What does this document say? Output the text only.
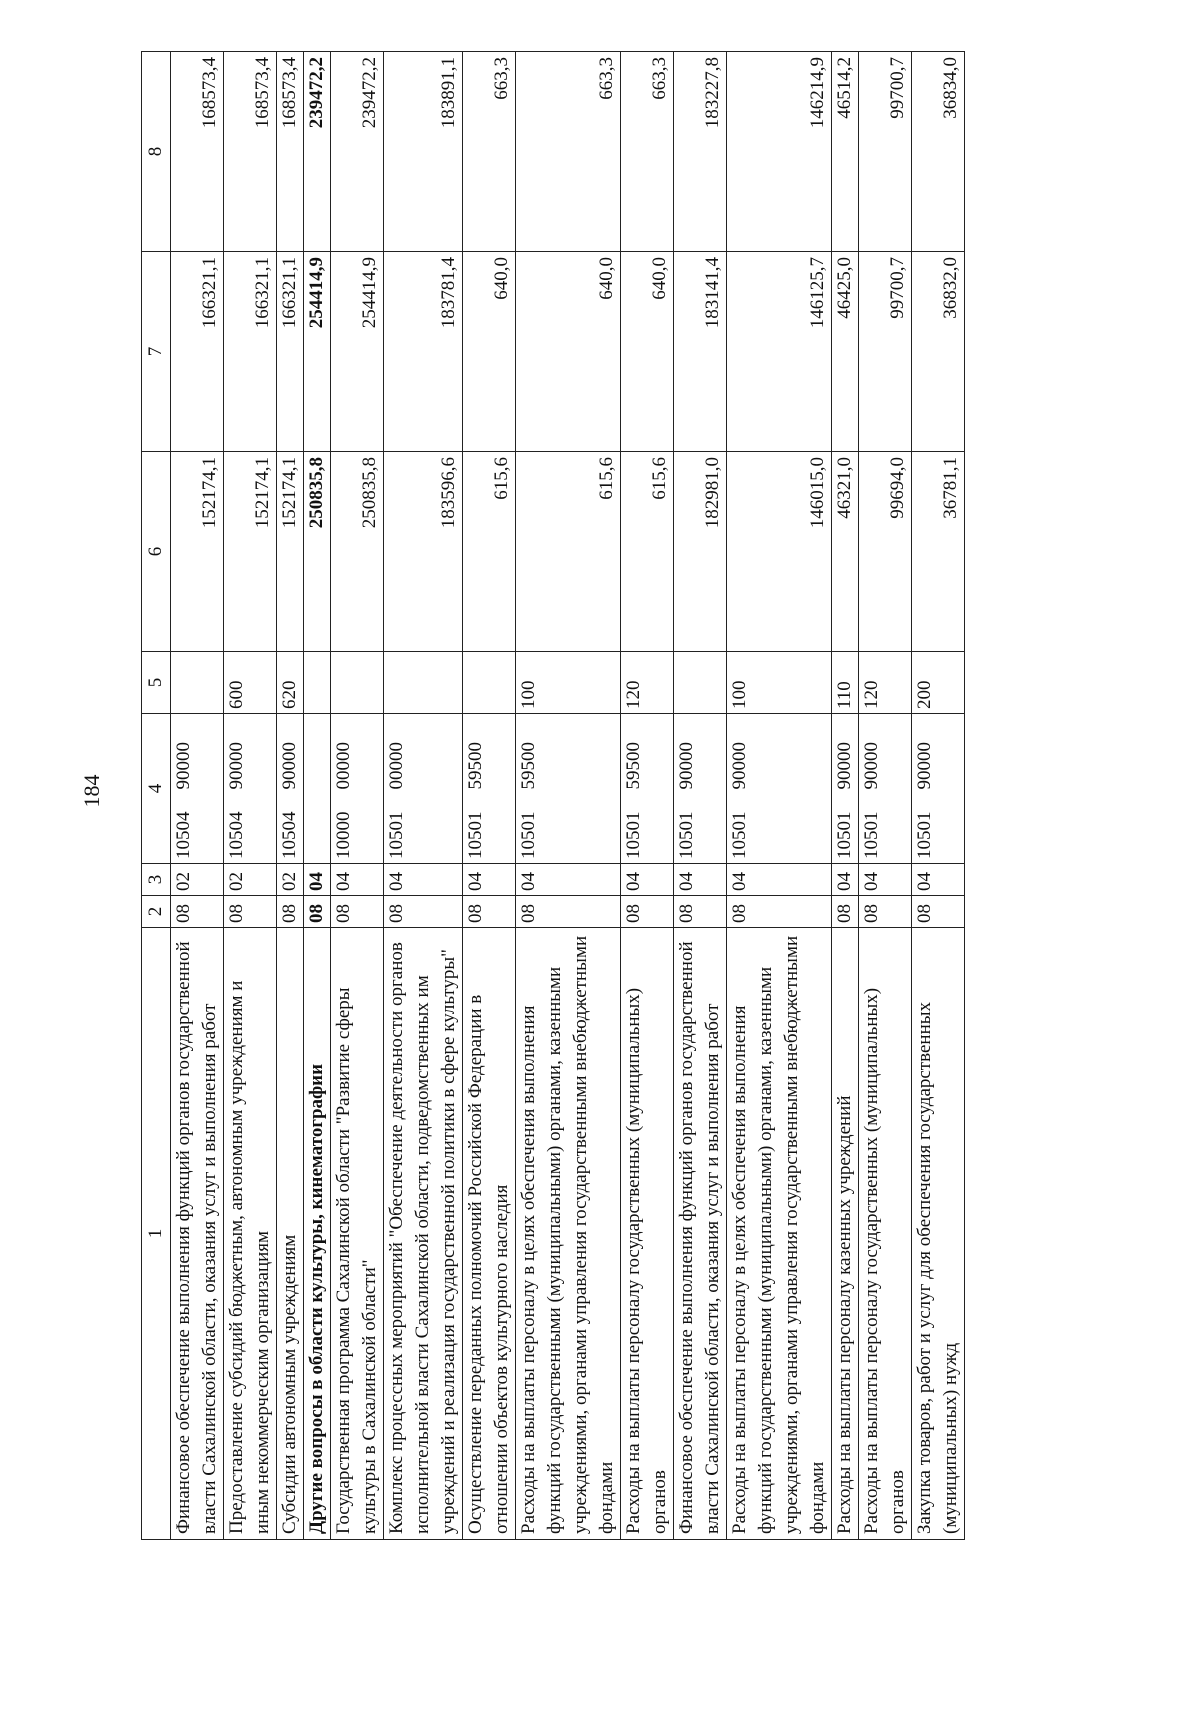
184
1	2	3	4	5	6	7	8
Финансовое обеспечение выполнения функций органов государственной власти Сахалинской области, оказания услуг и выполнения работ	08	02	1050490000		152174,1	166321,1	168573,4
Предоставление субсидий бюджетным, автономным учреждениям и иным некоммерческим организациям	08	02	1050490000	600	152174,1	166321,1	168573,4
Субсидии автономным учреждениям	08	02	1050490000	620	152174,1	166321,1	168573,4
Другие вопросы в области культуры, кинематографии	08	04			250835,8	254414,9	239472,2
Государственная программа Сахалинской области "Развитие сферы культуры в Сахалинской области"	08	04	1000000000		250835,8	254414,9	239472,2
Комплекс процессных мероприятий "Обеспечение деятельности органов исполнительной власти Сахалинской области, подведомственных им учреждений и реализация государственной политики в сфере культуры"	08	04	1050100000		183596,6	183781,4	183891,1
Осуществление переданных полномочий Российской Федерации в отношении объектов культурного наследия	08	04	1050159500		615,6	640,0	663,3
Расходы на выплаты персоналу в целях обеспечения выполнения функций государственными (муниципальными) органами, казенными учреждениями, органами управления государственными внебюджетными фондами	08	04	1050159500	100	615,6	640,0	663,3
Расходы на выплаты персоналу государственных (муниципальных) органов	08	04	1050159500	120	615,6	640,0	663,3
Финансовое обеспечение выполнения функций органов государственной власти Сахалинской области, оказания услуг и выполнения работ	08	04	1050190000		182981,0	183141,4	183227,8
Расходы на выплаты персоналу в целях обеспечения выполнения функций государственными (муниципальными) органами, казенными учреждениями, органами управления государственными внебюджетными фондами	08	04	1050190000	100	146015,0	146125,7	146214,9
Расходы на выплаты персоналу казенных учреждений	08	04	1050190000	110	46321,0	46425,0	46514,2
Расходы на выплаты персоналу государственных (муниципальных) органов	08	04	1050190000	120	99694,0	99700,7	99700,7
Закупка товаров, работ и услуг для обеспечения государственных (муниципальных) нужд	08	04	1050190000	200	36781,1	36832,0	36834,0
